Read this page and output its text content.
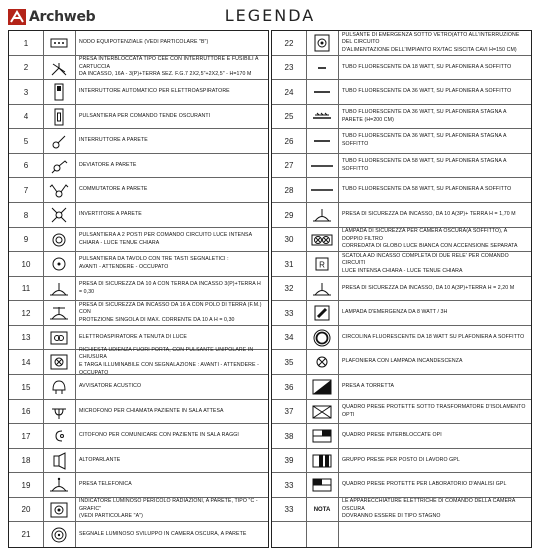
Archweb	LEGENDA
1	NODO EQUIPOTENZIALE (VEDI PARTICOLARE "B")
2
PRESA INTERBLOCCATA TIPO CEE CON INTERRUTTORE E FUSIBILI A CARTUCCIA
DA INCASSO, 16A - 3(P)+TERRA SEZ. F.G.7 2X2,5"+2X2,5" - H=170 M
3	INTERRUTTORE AUTOMATICO PER ELETTROASPIRATORE
4	PULSANTIERA PER COMANDO TENDE OSCURANTI
5	INTERRUTTORE A PARETE
6	DEVIATORE A PARETE
7	COMMUTATORE A PARETE
8	INVERTITORE A PARETE
9
PULSANTIERA A 2 POSTI PER COMANDO CIRCUITO LUCE INTENSA
CHIARA - LUCE TENUE CHIARA
10
PULSANTIERA DA TAVOLO CON TRE TASTI SEGNALETICI :
AVANTI - ATTENDERE - OCCUPATO
11
PRESA DI SICUREZZA DA 10 A CON TERRA DA INCASSO 3(P)+TERRA H = 0,30
12
PRESA DI SICUREZZA DA INCASSO DA 16 A CON POLO DI TERRA (F.M.) CON
PROTEZIONE SINGOLA DI MAX. CORRENTE DA 10 A H = 0,30
13	ELETTROASPIRATORE A TENUTA DI LUCE
14
RICHIESTA UDIENZA FUORI PORTA, CON PULSANTE UNIPOLARE IN CHIUSURA
E TARGA ILLUMINABILE CON SEGNALAZIONE : AVANTI - ATTENDERE - OCCUPATO
15	AVVISATORE ACUSTICO
16	MICROFONO PER CHIAMATA PAZIENTE IN SALA ATTESA
17	CITOFONO PER COMUNICARE CON PAZIENTE IN SALA RAGGI
18	ALTOPARLANTE
19	PRESA TELEFONICA
20
INDICATORE LUMINOSO PERICOLO RADIAZIONI, A PARETE, TIPO "C - GRAFIC"
(VEDI PARTICOLARE "A")
21	SEGNALE LUMINOSO SVILUPPO IN CAMERA OSCURA, A PARETE
22
PULSANTE DI EMERGENZA SOTTO VETRO(ATTO ALL'INTERRUZIONE DEL CIRCUITO
D'ALIMENTAZIONE DELL'IMPIANTO RX/TAC SISCITA CAVI H=150 CM)
23	TUBO FLUORESCENTE DA 18 WATT, SU PLAFONIERA A SOFFITTO
24	TUBO FLUORESCENTE DA 36 WATT, SU PLAFONIERA A SOFFITTO
25
TUBO FLUORESCENTE DA 36 WATT, SU PLAFONIERA STAGNA A PARETE (H=200 CM)
26
TUBO FLUORESCENTE DA 36 WATT, SU PLAFONIERA STAGNA A SOFFITTO
27
TUBO FLUORESCENTE DA 58 WATT, SU PLAFONIERA STAGNA A SOFFITTO
28	TUBO FLUORESCENTE DA 58 WATT, SU PLAFONIERA A SOFFITTO
29	PRESA DI SICUREZZA DA INCASSO, DA 10 A(3P)+ TERRA H = 1,70 M
30
LAMPADA DI SICUREZZA PER CAMERA OSCURA(A SOFFITTO), A DOPPIO FILTRO
CORREDATA DI GLOBO LUCE BIANCA CON ACCENSIONE SEPARATA
31	R
SCATOLA AD INCASSO COMPLETA DI DUE RELE' PER COMANDO CIRCUITI
LUCE INTENSA CHIARA - LUCE TENUE CHIARA
32	PRESA DI SICUREZZA DA INCASSO, DA 10 A(3P)+TERRA H = 2,20 M
33	LAMPADA D'EMERGENZA DA 8 WATT / 3H
34	CIRCOLINA FLUORESCENTE DA 18 WATT SU PLAFONIERA A SOFFITTO
35	PLAFONIERA CON LAMPADA INCANDESCENZA
36	PRESA A TORRETTA
37
QUADRO PRESE PROTETTE SOTTO TRASFORMATORE D'ISOLAMENTO OPTI
38	QUADRO PRESE INTERBLOCCATE OPI
39	GRUPPO PRESE PER POSTO DI LAVORO GPL
33	QUADRO PRESE PROTETTE PER LABORATORIO D'ANALISI GPL
33	NOTA
LE APPARECCHIATURE ELETTRICHE DI COMANDO DELLA CAMERA OSCURA
DOVRANNO ESSERE DI TIPO STAGNO
